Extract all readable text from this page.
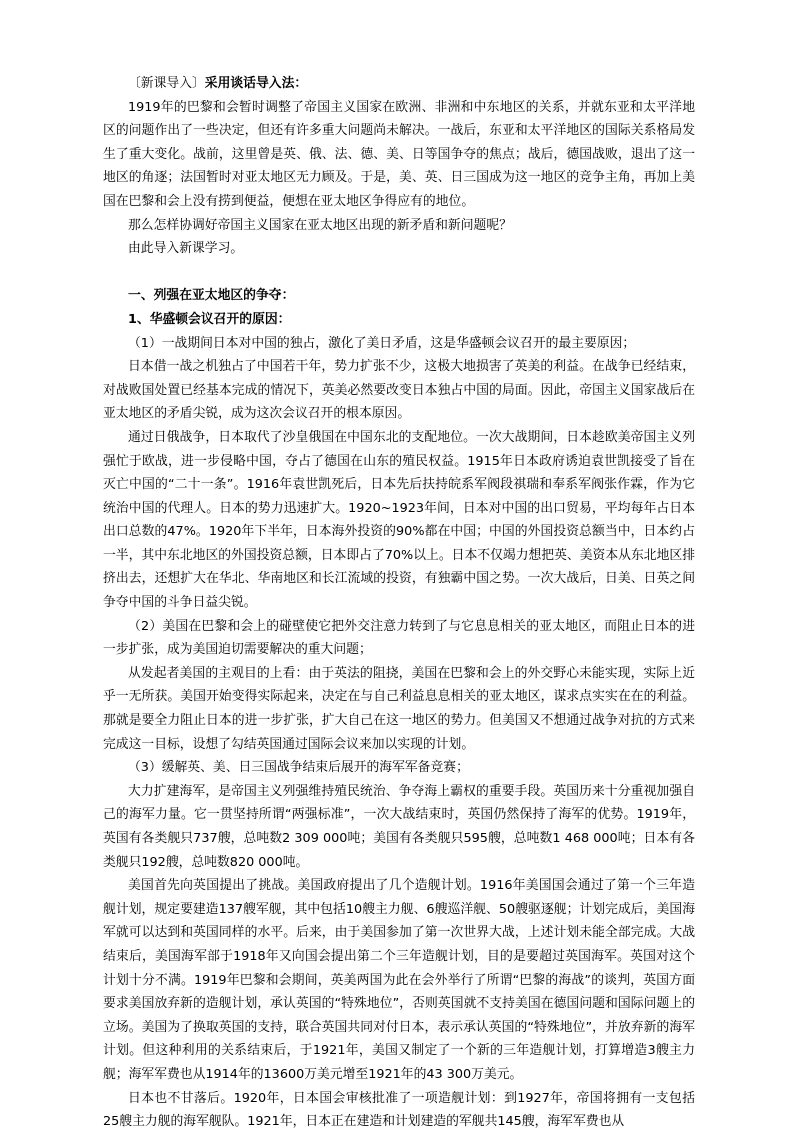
〔新课导入〕采用谈话导入法：

1919年的巴黎和会暂时调整了帝国主义国家在欧洲、非洲和中东地区的关系，并就东亚和太平洋地区的问题作出了一些决定，但还有许多重大问题尚未解决。一战后，东亚和太平洋地区的国际关系格局发生了重大变化。战前，这里曾是英、俄、法、德、美、日等国争夺的焦点；战后，德国战败，退出了这一地区的角逐；法国暂时对亚太地区无力顾及。于是，美、英、日三国成为这一地区的竞争主角，再加上美国在巴黎和会上没有捞到便益，便想在亚太地区争得应有的地位。

那么怎样协调好帝国主义国家在亚太地区出现的新矛盾和新问题呢？

由此导入新课学习。

一、列强在亚太地区的争夺：

1、华盛顿会议召开的原因：

（1）一战期间日本对中国的独占，激化了美日矛盾，这是华盛顿会议召开的最主要原因；

日本借一战之机独占了中国若干年，势力扩张不少，这极大地损害了英美的利益。在战争已经结束，对战败国处置已经基本完成的情况下，英美必然要改变日本独占中国的局面。因此，帝国主义国家战后在亚太地区的矛盾尖锐，成为这次会议召开的根本原因。

通过日俄战争，日本取代了沙皇俄国在中国东北的支配地位。一次大战期间，日本趁欧美帝国主义列强忙于欧战，进一步侵略中国，夺占了德国在山东的殖民权益。1915年日本政府诱迫袁世凯接受了旨在灭亡中国的“二十一条”。1916年袁世凯死后，日本先后扶持皖系军阀段祺瑞和奉系军阀张作霖，作为它统治中国的代理人。日本的势力迅速扩大。1920~1923年间，日本对中国的出口贸易，平均每年占日本出口总数的47%。1920年下半年，日本海外投资的90%都在中国；中国的外国投资总额当中，日本约占一半，其中东北地区的外国投资总额，日本即占了70%以上。日本不仅竭力想把英、美资本从东北地区排挤出去，还想扩大在华北、华南地区和长江流域的投资，有独霸中国之势。一次大战后，日美、日英之间争夺中国的斗争日益尖锐。

（2）美国在巴黎和会上的碰壁使它把外交注意力转到了与它息息相关的亚太地区，而阻止日本的进一步扩张，成为美国迫切需要解决的重大问题；

从发起者美国的主观目的上看：由于英法的阻挠，美国在巴黎和会上的外交野心未能实现，实际上近乎一无所获。美国开始变得实际起来，决定在与自己利益息息相关的亚太地区，谋求点实实在在的利益。那就是要全力阻止日本的进一步扩张，扩大自己在这一地区的势力。但美国又不想通过战争对抗的方式来完成这一目标，设想了勾结英国通过国际会议来加以实现的计划。

（3）缓解英、美、日三国战争结束后展开的海军军备竞赛；

大力扩建海军，是帝国主义列强维持殖民统治、争夺海上霸权的重要手段。英国历来十分重视加强自己的海军力量。它一贯坚持所谓“两强标准”，一次大战结束时，英国仍然保持了海军的优势。1919年，英国有各类舰只737艘，总吨数2 309 000吨；美国有各类舰只595艘，总吨数1 468 000吨；日本有各类舰只192艘，总吨数820 000吨。

美国首先向英国提出了挑战。美国政府提出了几个造舰计划。1916年美国国会通过了第一个三年造舰计划，规定要建造137艘军舰，其中包括10艘主力舰、6艘巡洋舰、50艘驱逐舰；计划完成后，美国海军就可以达到和英国同样的水平。后来，由于美国参加了第一次世界大战，上述计划未能全部完成。大战结束后，美国海军部于1918年又向国会提出第二个三年造舰计划，目的是要超过英国海军。英国对这个计划十分不满。1919年巴黎和会期间，英美两国为此在会外举行了所谓“巴黎的海战”的谈判，英国方面要求美国放弃新的造舰计划，承认英国的“特殊地位”，否则英国就不支持美国在德国问题和国际问题上的立场。美国为了换取英国的支持，联合英国共同对付日本，表示承认英国的“特殊地位”，并放弃新的海军计划。但这种利用的关系结束后，于1921年，美国又制定了一个新的三年造舰计划，打算增造3艘主力舰；海军军费也从1914年的13600万美元增至1921年的43 300万美元。

日本也不甘落后。1920年，日本国会审核批准了一项造舰计划：到1927年，帝国将拥有一支包括25艘主力舰的海军舰队。1921年，日本正在建造和计划建造的军舰共145艘，海军军费也从
